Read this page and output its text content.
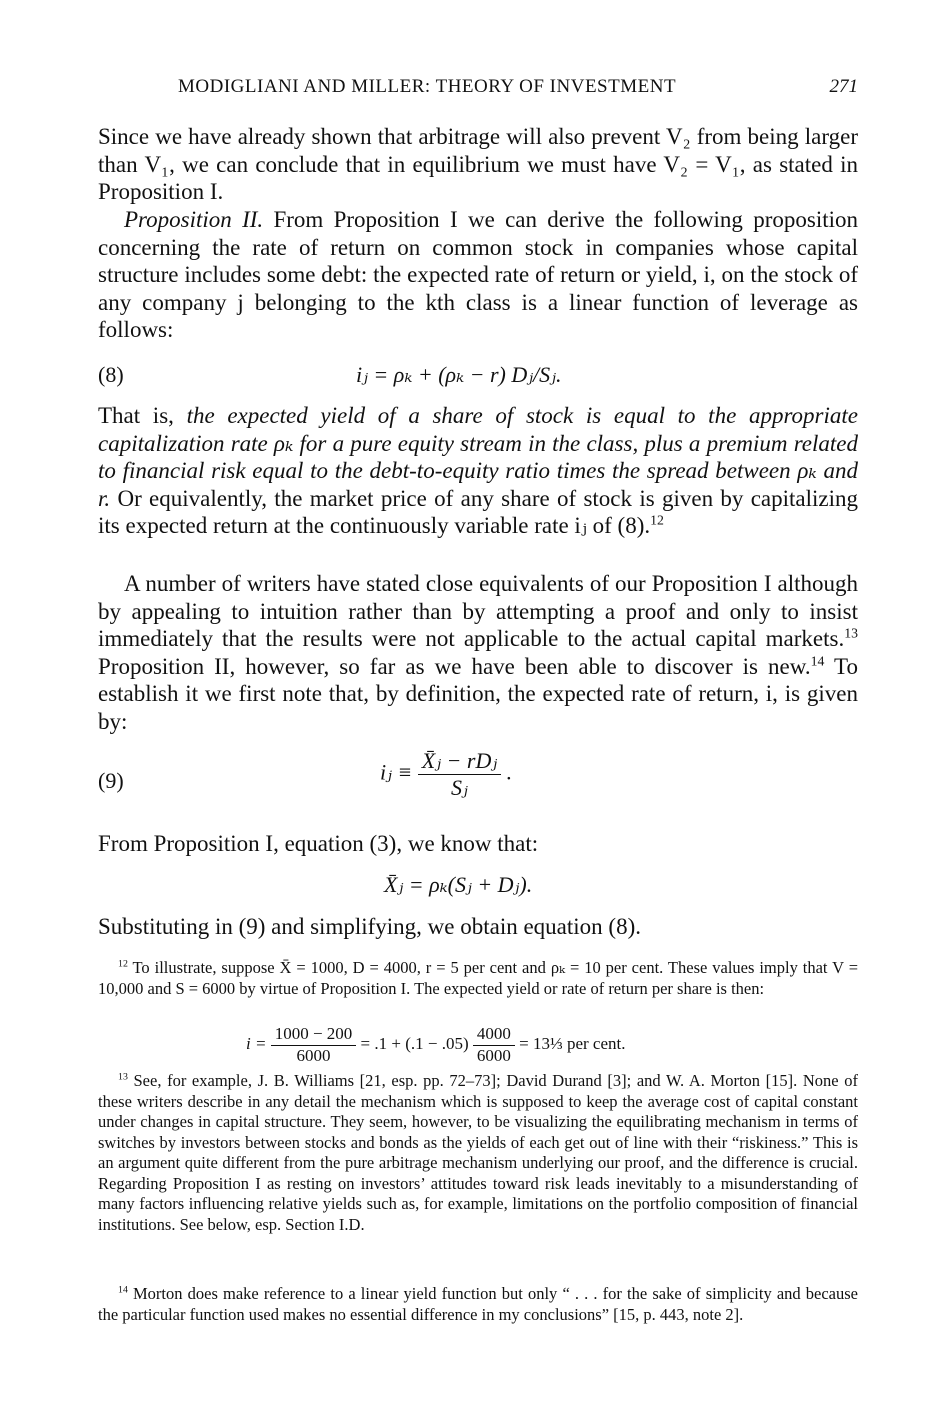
MODIGLIANI AND MILLER: THEORY OF INVESTMENT	271
Since we have already shown that arbitrage will also prevent V₂ from being larger than V₁, we can conclude that in equilibrium we must have V₂ = V₁, as stated in Proposition I.
Proposition II. From Proposition I we can derive the following proposition concerning the rate of return on common stock in companies whose capital structure includes some debt: the expected rate of return or yield, i, on the stock of any company j belonging to the kth class is a linear function of leverage as follows:
(8)	iⱼ = ρₖ + (ρₖ − r) Dⱼ/Sⱼ.
That is, the expected yield of a share of stock is equal to the appropriate capitalization rate ρₖ for a pure equity stream in the class, plus a premium related to financial risk equal to the debt-to-equity ratio times the spread between ρₖ and r. Or equivalently, the market price of any share of stock is given by capitalizing its expected return at the continuously variable rate iⱼ of (8).$^{12}$
A number of writers have stated close equivalents of our Proposition I although by appealing to intuition rather than by attempting a proof and only to insist immediately that the results were not applicable to the actual capital markets.$^{13}$ Proposition II, however, so far as we have been able to discover is new.$^{14}$ To establish it we first note that, by definition, the expected rate of return, i, is given by:
(9)	iⱼ ≡ $\frac{\text{X̄ⱼ − rDⱼ}}{\text{Sⱼ}}$ .
From Proposition I, equation (3), we know that:
X̄ⱼ = ρₖ(Sⱼ + Dⱼ).
Substituting in (9) and simplifying, we obtain equation (8).
$^{12}$ To illustrate, suppose X̄ = 1000, D = 4000, r = 5 per cent and ρₖ = 10 per cent. These values imply that V = 10,000 and S = 6000 by virtue of Proposition I. The expected yield or rate of return per share is then:
$i = \frac{1000 - 200}{6000} = .1 + (.1 - .05) \frac{4000}{6000}$ = 13⅓ per cent.
$^{13}$ See, for example, J. B. Williams [21, esp. pp. 72–73]; David Durand [3]; and W. A. Morton [15]. None of these writers describe in any detail the mechanism which is supposed to keep the average cost of capital constant under changes in capital structure. They seem, however, to be visualizing the equilibrating mechanism in terms of switches by investors between stocks and bonds as the yields of each get out of line with their “riskiness.” This is an argument quite different from the pure arbitrage mechanism underlying our proof, and the difference is crucial. Regarding Proposition I as resting on investors’ attitudes toward risk leads inevitably to a misunderstanding of many factors influencing relative yields such as, for example, limitations on the portfolio composition of financial institutions. See below, esp. Section I.D.
$^{14}$ Morton does make reference to a linear yield function but only “ . . . for the sake of simplicity and because the particular function used makes no essential difference in my conclusions” [15, p. 443, note 2].
